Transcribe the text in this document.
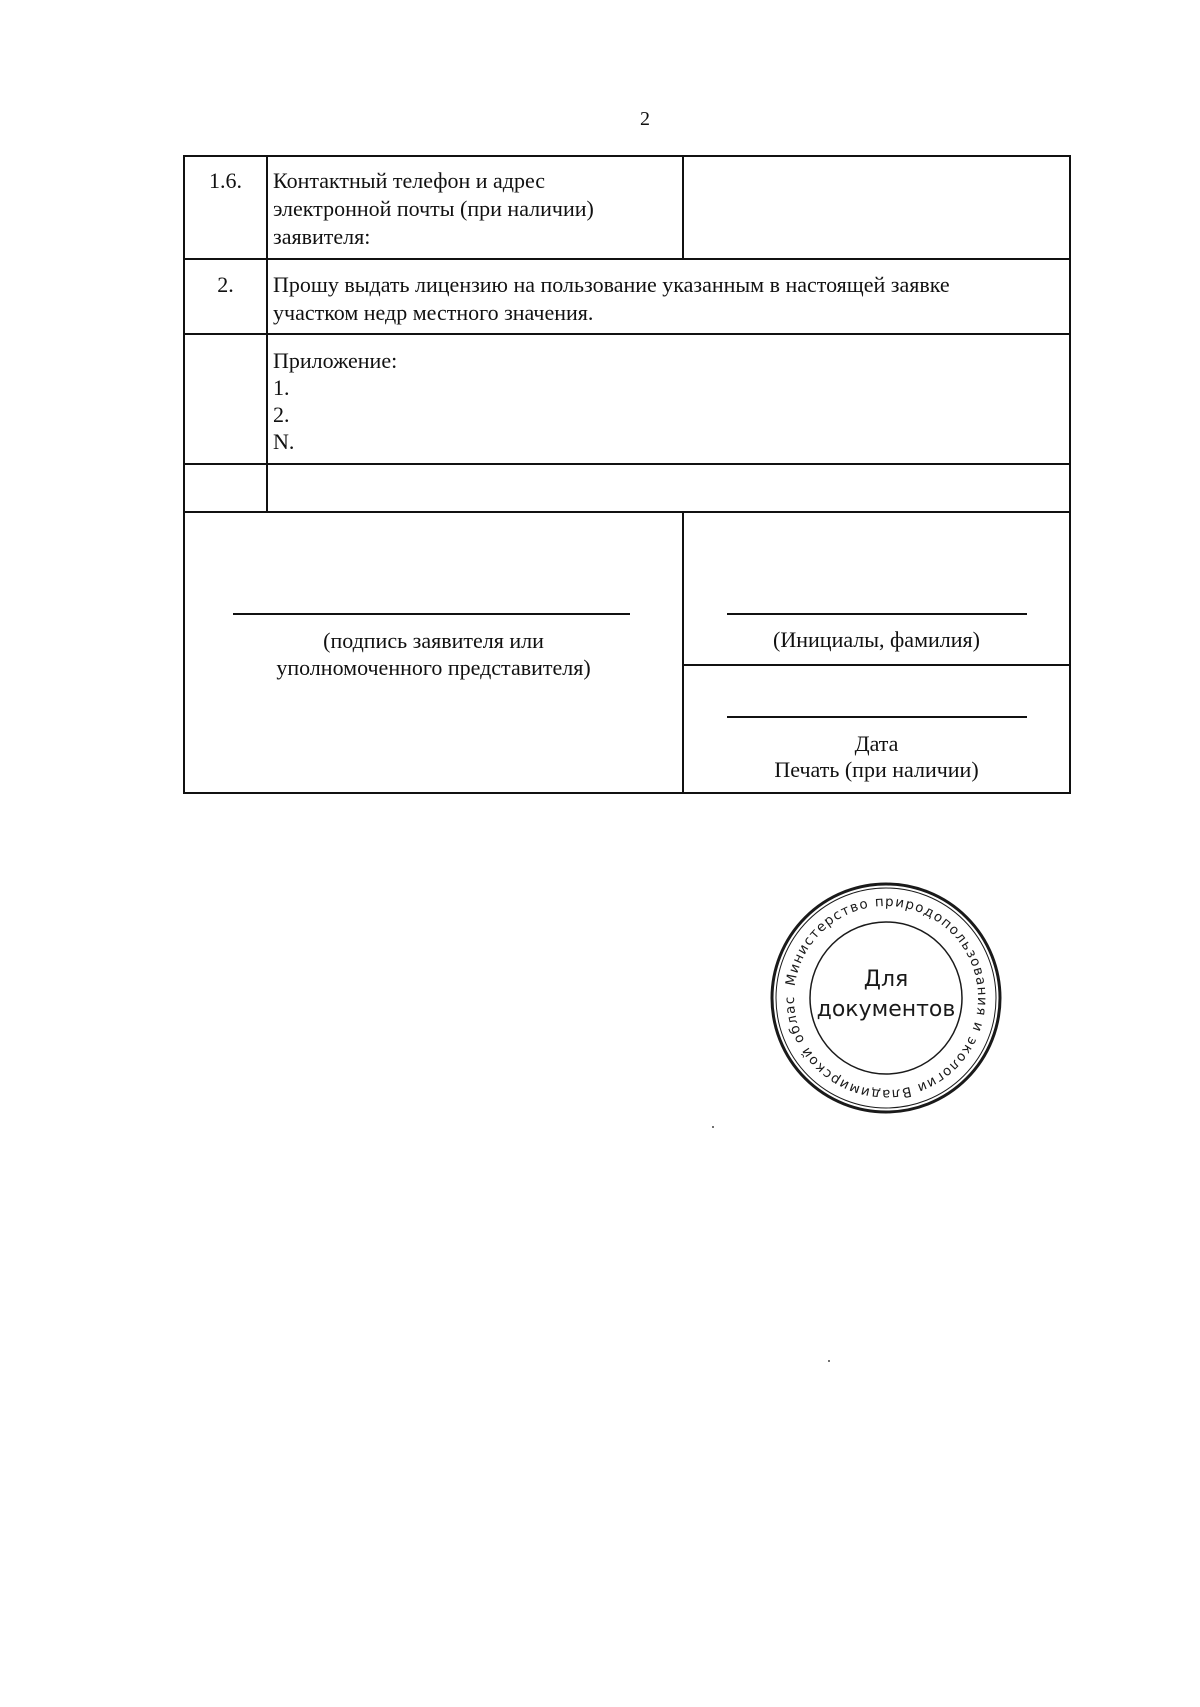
2
1.6.	Контактный телефон и адрес
электронной почты (при наличии)
заявителя:
2.	Прошу выдать лицензию на пользование указанным в настоящей заявке
участком недр местного значения.
Приложение:
1.
2.
N.
(подпись заявителя или
уполномоченного представителя)
(Инициалы, фамилия)
Дата
Печать (при наличии)
Министерство природопользования и экологии Владимирской облас
Для
документов
